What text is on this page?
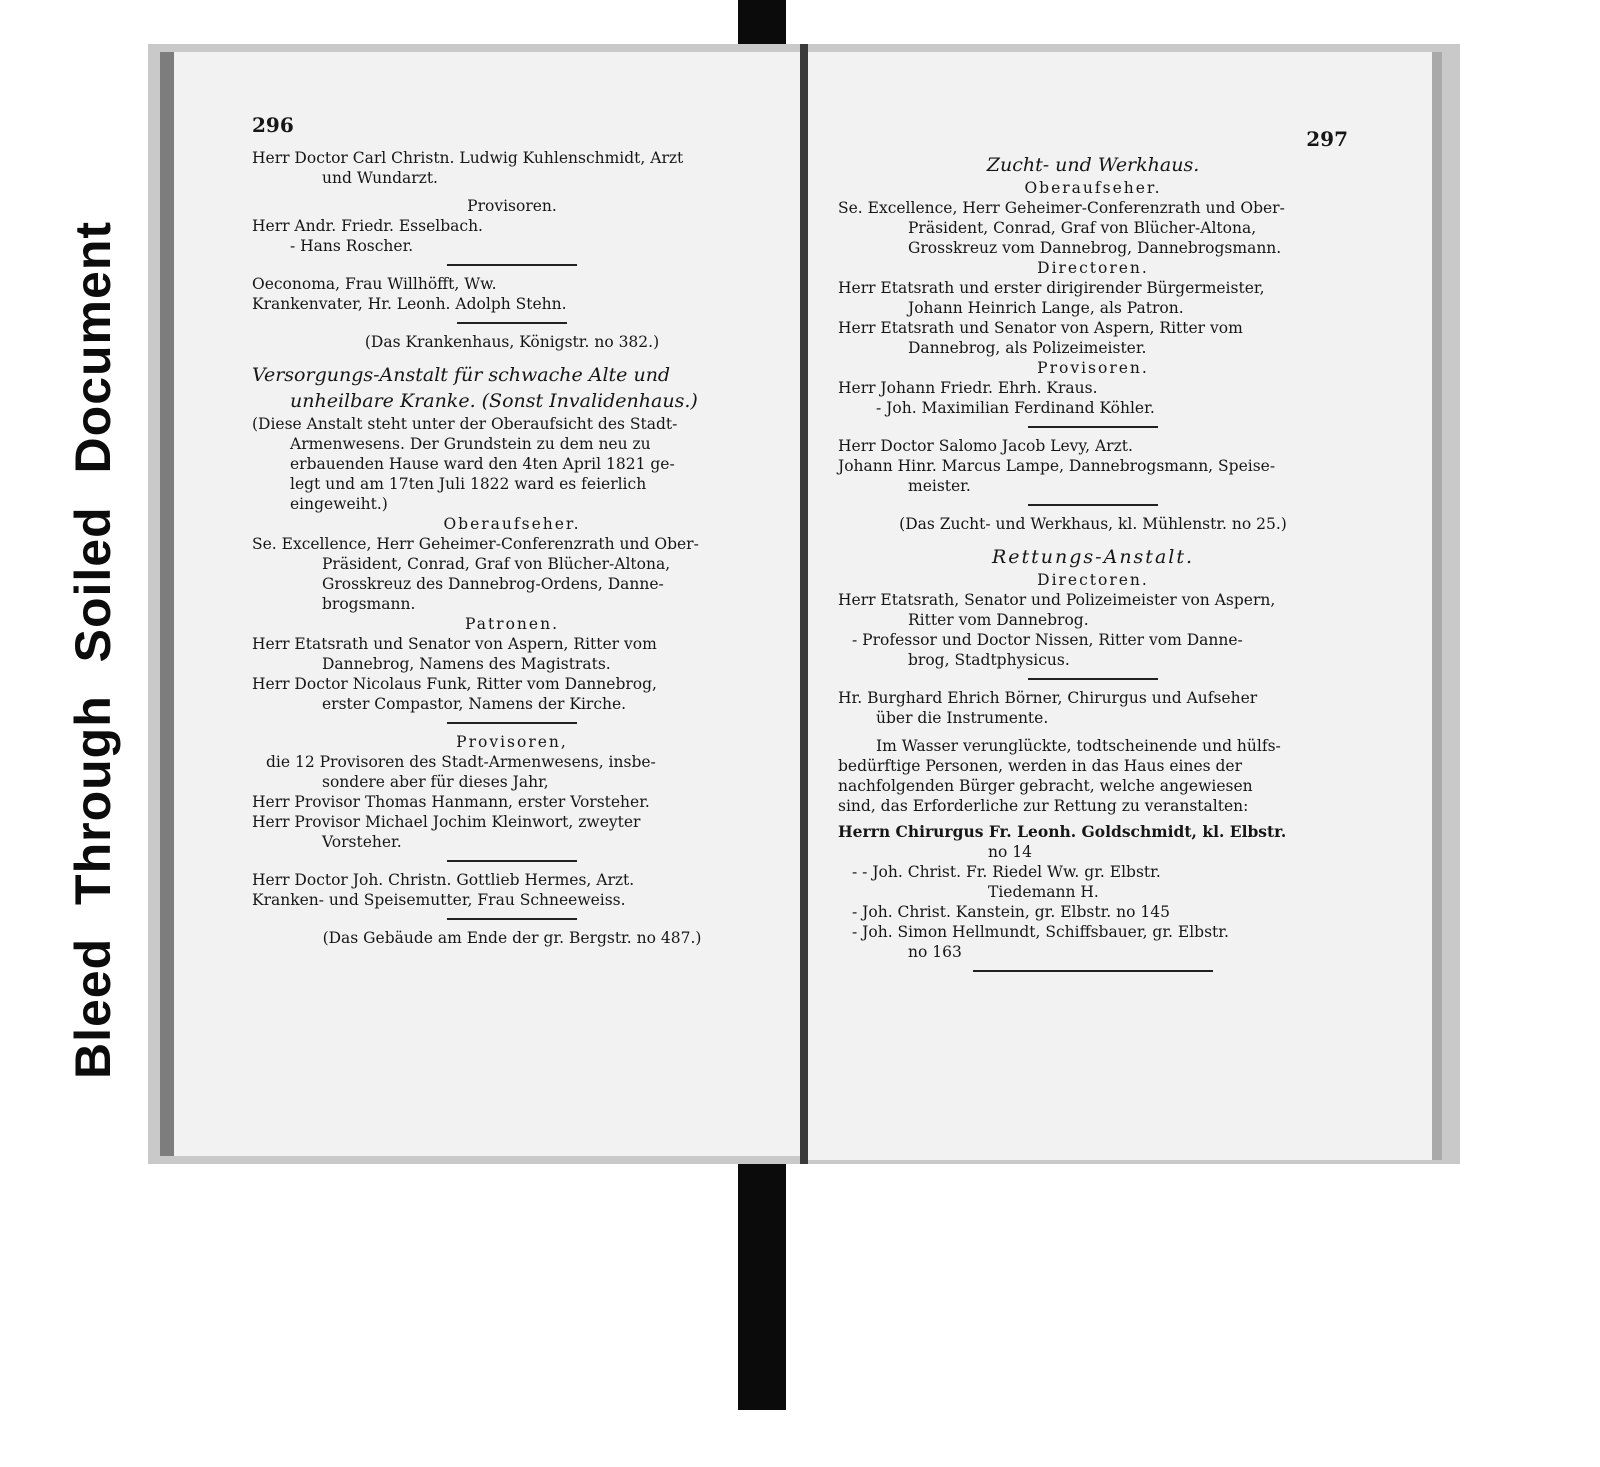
Bleed Through Soiled Document
296
Herr Doctor Carl Christn. Ludwig Kuhlenschmidt, Arzt
und Wundarzt.
Provisoren.
Herr Andr. Friedr. Esselbach.
- Hans Roscher.
Oeconoma, Frau Willhöfft, Ww.
Krankenvater, Hr. Leonh. Adolph Stehn.
(Das Krankenhaus, Königstr. no 382.)
Versorgungs-Anstalt für schwache Alte und
unheilbare Kranke. (Sonst Invalidenhaus.)
(Diese Anstalt steht unter der Oberaufsicht des Stadt-
Armenwesens. Der Grundstein zu dem neu zu
erbauenden Hause ward den 4ten April 1821 ge-
legt und am 17ten Juli 1822 ward es feierlich
eingeweiht.)
Oberaufseher.
Se. Excellence, Herr Geheimer-Conferenzrath und Ober-
Präsident, Conrad, Graf von Blücher-Altona,
Grosskreuz des Dannebrog-Ordens, Danne-
brogsmann.
Patronen.
Herr Etatsrath und Senator von Aspern, Ritter vom
Dannebrog, Namens des Magistrats.
Herr Doctor Nicolaus Funk, Ritter vom Dannebrog,
erster Compastor, Namens der Kirche.
Provisoren,
die 12 Provisoren des Stadt-Armenwesens, insbe-
sondere aber für dieses Jahr,
Herr Provisor Thomas Hanmann, erster Vorsteher.
Herr Provisor Michael Jochim Kleinwort, zweyter
Vorsteher.
Herr Doctor Joh. Christn. Gottlieb Hermes, Arzt.
Kranken- und Speisemutter, Frau Schneeweiss.
(Das Gebäude am Ende der gr. Bergstr. no 487.)
297
Zucht- und Werkhaus.
Oberaufseher.
Se. Excellence, Herr Geheimer-Conferenzrath und Ober-
Präsident, Conrad, Graf von Blücher-Altona,
Grosskreuz vom Dannebrog, Dannebrogsmann.
Directoren.
Herr Etatsrath und erster dirigirender Bürgermeister,
Johann Heinrich Lange, als Patron.
Herr Etatsrath und Senator von Aspern, Ritter vom
Dannebrog, als Polizeimeister.
Provisoren.
Herr Johann Friedr. Ehrh. Kraus.
- Joh. Maximilian Ferdinand Köhler.
Herr Doctor Salomo Jacob Levy, Arzt.
Johann Hinr. Marcus Lampe, Dannebrogsmann, Speise-
meister.
(Das Zucht- und Werkhaus, kl. Mühlenstr. no 25.)
Rettungs-Anstalt.
Directoren.
Herr Etatsrath, Senator und Polizeimeister von Aspern,
Ritter vom Dannebrog.
- Professor und Doctor Nissen, Ritter vom Danne-
brog, Stadtphysicus.
Hr. Burghard Ehrich Börner, Chirurgus und Aufseher
über die Instrumente.
Im Wasser verunglückte, todtscheinende und hülfs-
bedürftige Personen, werden in das Haus eines der
nachfolgenden Bürger gebracht, welche angewiesen
sind, das Erforderliche zur Rettung zu veranstalten:
Herrn Chirurgus Fr. Leonh. Goldschmidt, kl. Elbstr.
no 14
- - Joh. Christ. Fr. Riedel Ww. gr. Elbstr.
Tiedemann H.
- Joh. Christ. Kanstein, gr. Elbstr. no 145
- Joh. Simon Hellmundt, Schiffsbauer, gr. Elbstr.
no 163
